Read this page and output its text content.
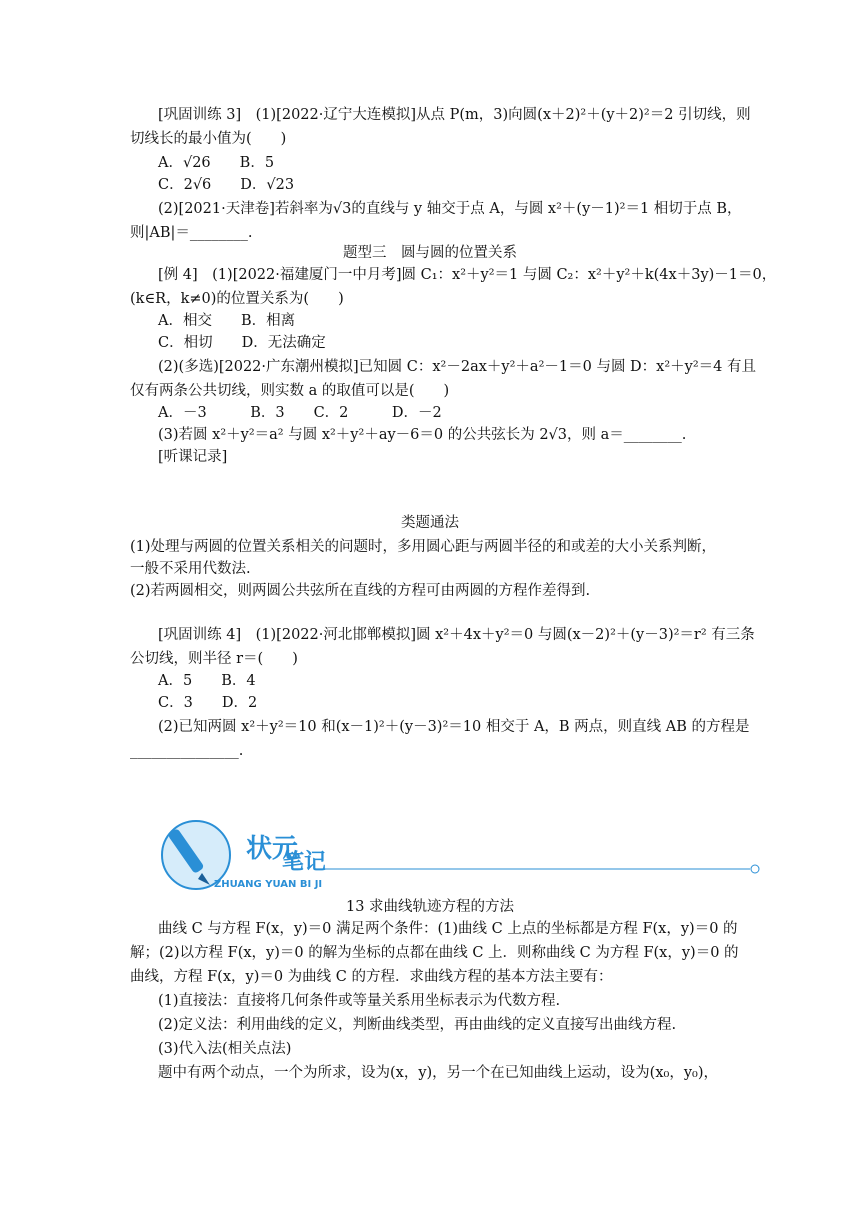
[巩固训练 3]　(1)[2022·辽宁大连模拟]从点 P(m，3)向圆(x＋2)²＋(y＋2)²＝2 引切线，则
切线长的最小值为(　　)
A．√26　　B．5
C．2√6　　D．√23
(2)[2021·天津卷]若斜率为√3的直线与 y 轴交于点 A，与圆 x²＋(y－1)²＝1 相切于点 B，
则|AB|＝________.
题型三　圆与圆的位置关系
[例 4]　(1)[2022·福建厦门一中月考]圆 C₁：x²＋y²＝1 与圆 C₂：x²＋y²＋k(4x＋3y)－1＝0，
(k∈R，k≠0)的位置关系为(　　)
A．相交　　B．相离
C．相切　　D．无法确定
(2)(多选)[2022·广东潮州模拟]已知圆 C：x²－2ax＋y²＋a²－1＝0 与圆 D：x²＋y²＝4 有且
仅有两条公共切线，则实数 a 的取值可以是(　　)
A．－3　　　B．3　　C．2　　　D．－2
(3)若圆 x²＋y²＝a² 与圆 x²＋y²＋ay－6＝0 的公共弦长为 2√3，则 a＝________.
[听课记录]
类题通法
(1)处理与两圆的位置关系相关的问题时，多用圆心距与两圆半径的和或差的大小关系判断，
一般不采用代数法.
(2)若两圆相交，则两圆公共弦所在直线的方程可由两圆的方程作差得到.
[巩固训练 4]　(1)[2022·河北邯郸模拟]圆 x²＋4x＋y²＝0 与圆(x－2)²＋(y－3)²＝r² 有三条
公切线，则半径 r＝(　　)
A．5　　B．4
C．3　　D．2
(2)已知两圆 x²＋y²＝10 和(x－1)²＋(y－3)²＝10 相交于 A，B 两点，则直线 AB 的方程是
_______________.
状元
笔记
ZHUANG YUAN BI JI
13 求曲线轨迹方程的方法
曲线 C 与方程 F(x，y)＝0 满足两个条件：(1)曲线 C 上点的坐标都是方程 F(x，y)＝0 的
解；(2)以方程 F(x，y)＝0 的解为坐标的点都在曲线 C 上．则称曲线 C 为方程 F(x，y)＝0 的
曲线，方程 F(x，y)＝0 为曲线 C 的方程．求曲线方程的基本方法主要有：
(1)直接法：直接将几何条件或等量关系用坐标表示为代数方程.
(2)定义法：利用曲线的定义，判断曲线类型，再由曲线的定义直接写出曲线方程.
(3)代入法(相关点法)
题中有两个动点，一个为所求，设为(x，y)，另一个在已知曲线上运动，设为(x₀，y₀)，
